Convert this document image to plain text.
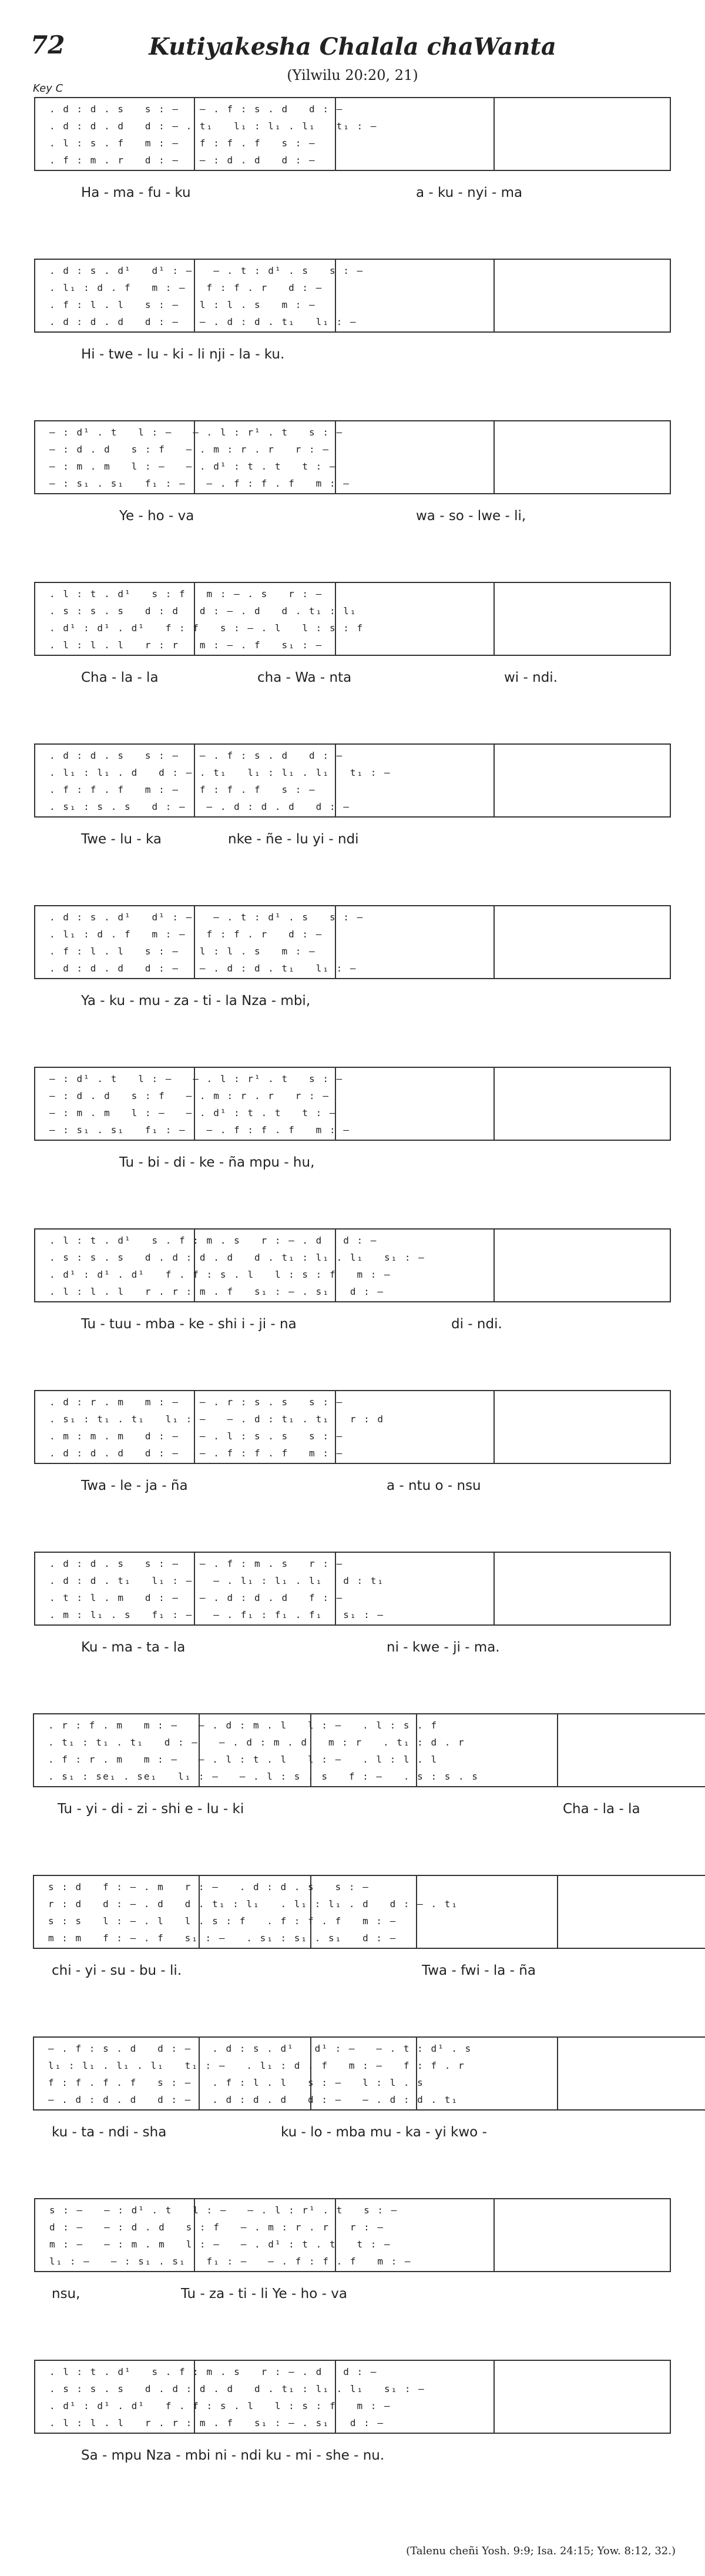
72	Kutiyakesha Chalala chaWanta
(Yilwilu 20:20, 21)
Key C
. d : d . s   s : —   – . f : s . d   d : —
. d : d . d   d : – . t₁   l₁ : l₁ . l₁   t₁ : —
. l : s . f   m : —   f : f . f   s : —
. f : m . r   d : —   – : d . d   d : —
Ha - ma - fu - ku	a - ku - nyi - ma
. d : s . d¹   d¹ : —   – . t : d¹ . s   s : —
. l₁ : d . f   m : —   f : f . r   d : —
. f : l . l   s : —   l : l . s   m : —
. d : d . d   d : —   – . d : d . t₁   l₁ : —
Hi - twe - lu - ki - li nji - la - ku.
— : d¹ . t   l : —   – . l : r¹ . t   s : —
— : d . d   s : f   – . m : r . r   r : —
— : m . m   l : —   – . d¹ : t . t   t : —
— : s₁ . s₁   f₁ : —   – . f : f . f   m : —
Ye - ho - va	wa - so - lwe - li,
. l : t . d¹   s : f   m : – . s   r : —
. s : s . s   d : d   d : – . d   d . t₁ : l₁
. d¹ : d¹ . d¹   f : f   s : – . l   l : s : f
. l : l . l   r : r   m : – . f   s₁ : —
Cha - la - la	cha - Wa - nta	wi - ndi.
. d : d . s   s : —   – . f : s . d   d : —
. l₁ : l₁ . d   d : – . t₁   l₁ : l₁ . l₁   t₁ : —
. f : f . f   m : —   f : f . f   s : —
. s₁ : s . s   d : —   – . d : d . d   d : —
Twe - lu - ka	nke - ñe - lu yi - ndi
. d : s . d¹   d¹ : —   – . t : d¹ . s   s : —
. l₁ : d . f   m : —   f : f . r   d : —
. f : l . l   s : —   l : l . s   m : —
. d : d . d   d : —   – . d : d . t₁   l₁ : —
Ya - ku - mu - za - ti - la Nza - mbi,
— : d¹ . t   l : —   – . l : r¹ . t   s : —
— : d . d   s : f   – . m : r . r   r : —
— : m . m   l : —   – . d¹ : t . t   t : —
— : s₁ . s₁   f₁ : —   – . f : f . f   m : —
Tu - bi - di - ke - ña mpu - hu,
. l : t . d¹   s . f : m . s   r : – . d   d : —
. s : s . s   d . d : d . d   d . t₁ : l₁ . l₁   s₁ : —
. d¹ : d¹ . d¹   f . f : s . l   l : s : f   m : —
. l : l . l   r . r : m . f   s₁ : – . s₁   d : —
Tu - tuu - mba - ke - shi i - ji - na	di - ndi.
. d : r . m   m : —   – . r : s . s   s : —
. s₁ : t₁ . t₁   l₁ : —   – . d : t₁ . t₁   r : d
. m : m . m   d : —   – . l : s . s   s : —
. d : d . d   d : —   – . f : f . f   m : —
Twa - le - ja - ña	a - ntu o - nsu
. d : d . s   s : —   – . f : m . s   r : —
. d : d . t₁   l₁ : —   – . l₁ : l₁ . l₁   d : t₁
. t : l . m   d : —   – . d : d . d   f : —
. m : l₁ . s   f₁ : —   – . f₁ : f₁ . f₁   s₁ : —
Ku - ma - ta - la	ni - kwe - ji - ma.
. r : f . m   m : —   – . d : m . l   l : —   . l : s . f
. t₁ : t₁ . t₁   d : —   – . d : m . d   m : r   . t₁ : d . r
. f : r . m   m : —   – . l : t . l   l : —   . l : l . l
. s₁ : se₁ . se₁   l₁ : —   – . l : s . s   f : —   . s : s . s
Tu - yi - di - zi - shi e - lu - ki	Cha - la - la
s : d   f : – . m   r : —   . d : d . s   s : —
r : d   d : – . d   d . t₁ : l₁   . l₁ : l₁ . d   d : – . t₁
s : s   l : – . l   l . s : f   . f : f . f   m : —
m : m   f : – . f   s₁ : —   . s₁ : s₁ . s₁   d : —
chi - yi - su - bu - li.	Twa - fwi - la - ña
– . f : s . d   d : —   . d : s . d¹   d¹ : —   – . t : d¹ . s
l₁ : l₁ . l₁ . l₁   t₁ : —   . l₁ : d . f   m : —   f : f . r
f : f . f . f   s : —   . f : l . l   s : —   l : l . s
– . d : d . d   d : —   . d : d . d   d : —   – . d : d . t₁
ku - ta - ndi - sha	ku - lo - mba mu - ka - yi kwo -
s : —   — : d¹ . t   l : —   – . l : r¹ . t   s : —
d : —   — : d . d   s : f   – . m : r . r   r : —
m : —   — : m . m   l : —   – . d¹ : t . t   t : —
l₁ : —   — : s₁ . s₁   f₁ : —   – . f : f . f   m : —
nsu,	Tu - za - ti - li Ye - ho - va
. l : t . d¹   s . f : m . s   r : – . d   d : —
. s : s . s   d . d : d . d   d . t₁ : l₁ . l₁   s₁ : —
. d¹ : d¹ . d¹   f . f : s . l   l : s : f   m : —
. l : l . l   r . r : m . f   s₁ : – . s₁   d : —
Sa - mpu Nza - mbi ni - ndi ku - mi - she - nu.
(Talenu cheñi Yosh. 9:9; Isa. 24:15; Yow. 8:12, 32.)
